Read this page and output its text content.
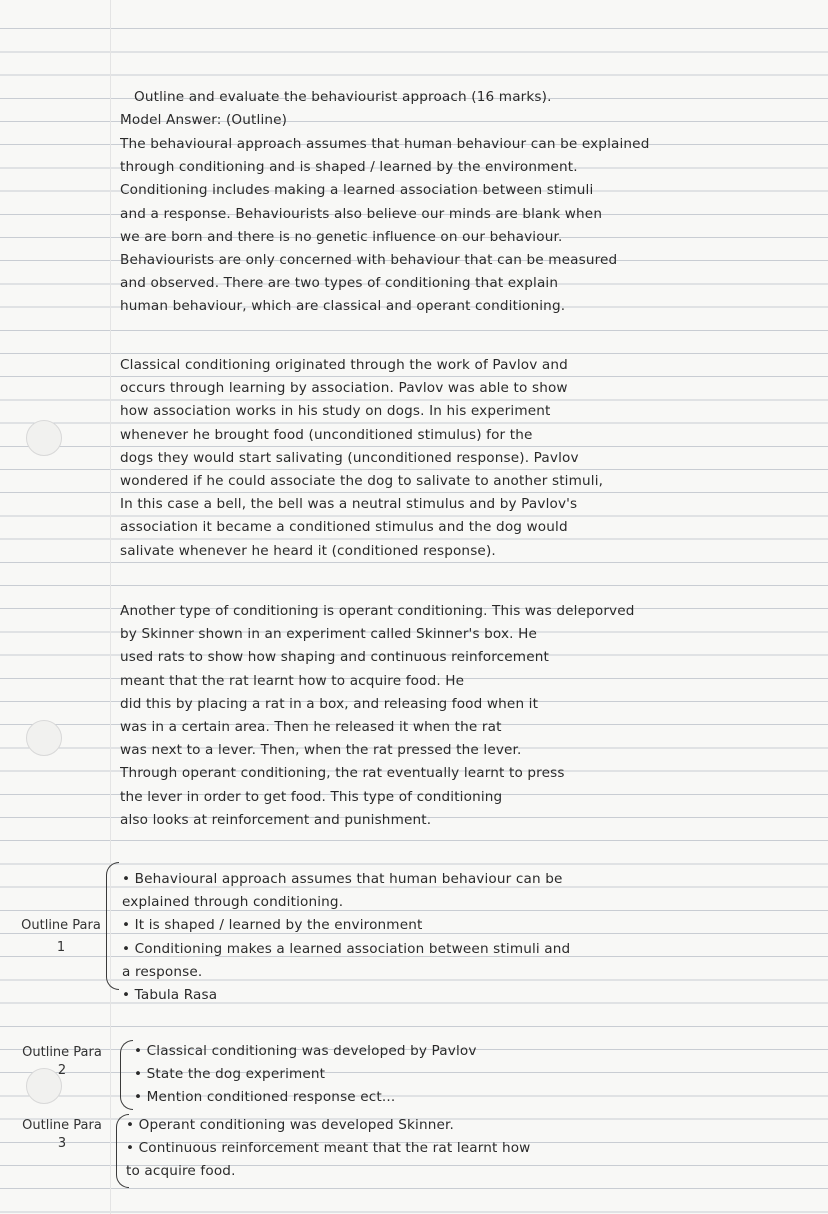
Outline and evaluate the behaviourist approach (16 marks).
Model Answer: (Outline)
The behavioural approach assumes that human behaviour can be explained
through conditioning and is shaped / learned by the environment.
Conditioning includes making a learned association between stimuli
and a response. Behaviourists also believe our minds are blank when
we are born and there is no genetic influence on our behaviour.
Behaviourists are only concerned with behaviour that can be measured
and observed. There are two types of conditioning that explain
human behaviour, which are classical and operant conditioning.
Classical conditioning originated through the work of Pavlov and
occurs through learning by association. Pavlov was able to show
how association works in his study on dogs. In his experiment
whenever he brought food (unconditioned stimulus) for the
dogs they would start salivating (unconditioned response). Pavlov
wondered if he could associate the dog to salivate to another stimuli,
In this case a bell, the bell was a neutral stimulus and by Pavlov's
association it became a conditioned stimulus and the dog would
salivate whenever he heard it (conditioned response).
Another type of conditioning is operant conditioning. This was deleporved
by Skinner shown in an experiment called Skinner's box. He
used rats to show how shaping and continuous reinforcement
meant that the rat learnt how to acquire food. He
did this by placing a rat in a box, and releasing food when it
was in a certain area. Then he released it when the rat
was next to a lever. Then, when the rat pressed the lever.
Through operant conditioning, the rat eventually learnt to press
the lever in order to get food. This type of conditioning
also looks at reinforcement and punishment.
Outline Para
1
• Behavioural approach assumes that human behaviour can be
explained through conditioning.
• It is shaped / learned by the environment
• Conditioning makes a learned association between stimuli and
a response.
• Tabula Rasa
Outline Para
2
• Classical conditioning was developed by Pavlov
• State the dog experiment
• Mention conditioned response ect...
Outline Para
3
• Operant conditioning was developed Skinner.
• Continuous reinforcement meant that the rat learnt how
to acquire food.
